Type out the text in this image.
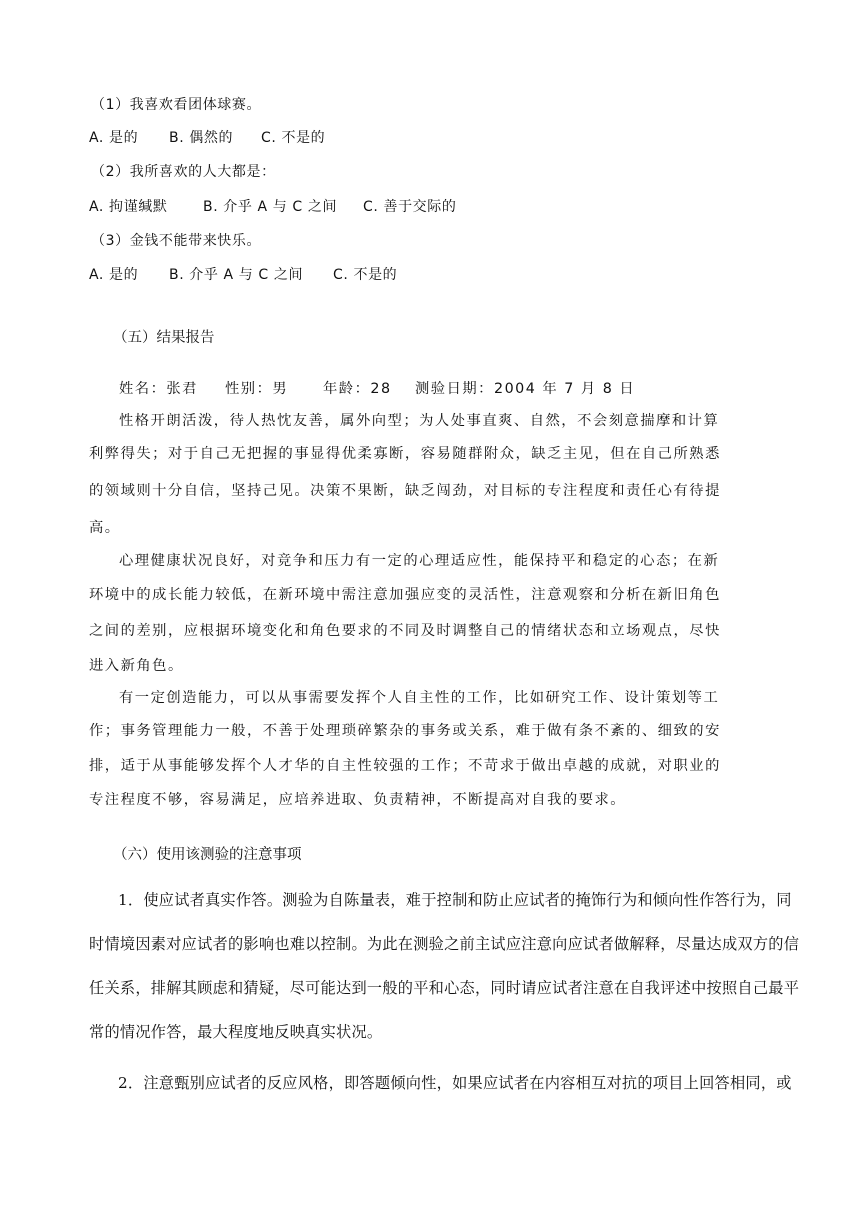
（1）我喜欢看团体球赛。
A. 是的 B. 偶然的 C. 不是的
（2）我所喜欢的人大都是：
A. 拘谨缄默	B. 介乎 A 与 C 之间 C. 善于交际的
（3）金钱不能带来快乐。
A. 是的 B. 介乎 A 与 C 之间 C. 不是的
（五）结果报告
姓名：张君 性别：男 年龄：28 测验日期：2004 年 7 月 8 日
性格开朗活泼，待人热忱友善，属外向型；为人处事直爽、自然，不会刻意揣摩和计算
利弊得失；对于自己无把握的事显得优柔寡断，容易随群附众，缺乏主见，但在自己所熟悉
的领域则十分自信，坚持己见。决策不果断，缺乏闯劲，对目标的专注程度和责任心有待提
高。
心理健康状况良好，对竞争和压力有一定的心理适应性，能保持平和稳定的心态；在新
环境中的成长能力较低，在新环境中需注意加强应变的灵活性，注意观察和分析在新旧角色
之间的差别，应根据环境变化和角色要求的不同及时调整自己的情绪状态和立场观点，尽快
进入新角色。
有一定创造能力，可以从事需要发挥个人自主性的工作，比如研究工作、设计策划等工
作；事务管理能力一般，不善于处理琐碎繁杂的事务或关系，难于做有条不紊的、细致的安
排，适于从事能够发挥个人才华的自主性较强的工作；不苛求于做出卓越的成就，对职业的
专注程度不够，容易满足，应培养进取、负责精神，不断提高对自我的要求。
（六）使用该测验的注意事项
1．使应试者真实作答。测验为自陈量表，难于控制和防止应试者的掩饰行为和倾向性作答行为，同
时情境因素对应试者的影响也难以控制。为此在测验之前主试应注意向应试者做解释，尽量达成双方的信
任关系，排解其顾虑和猜疑，尽可能达到一般的平和心态，同时请应试者注意在自我评述中按照自己最平
常的情况作答，最大程度地反映真实状况。
2．注意甄别应试者的反应风格，即答题倾向性，如果应试者在内容相互对抗的项目上回答相同，或
